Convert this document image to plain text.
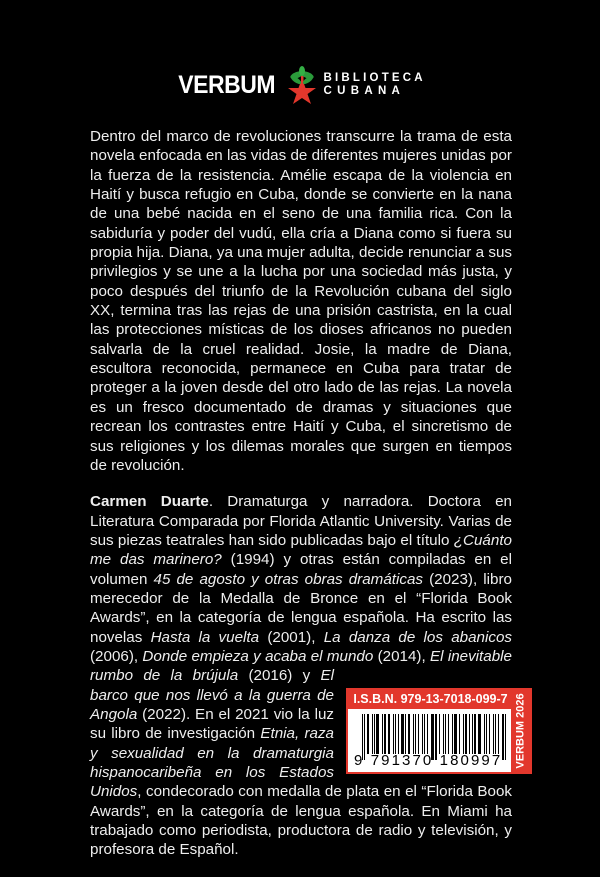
VERBUM	BIBLIOTECA
CUBANA

Dentro del marco de revoluciones transcurre la trama de esta novela enfocada en las vidas de diferentes mujeres unidas por la fuerza de la resistencia. Amélie escapa de la violencia en Haití y busca refugio en Cuba, donde se convierte en la nana de una bebé nacida en el seno de una familia rica. Con la sabiduría y poder del vudú, ella cría a Diana como si fuera su propia hija. Diana, ya una mujer adulta, decide renunciar a sus privilegios y se une a la lucha por una sociedad más justa, y poco después del triunfo de la Revolución cubana del siglo XX, termina tras las rejas de una prisión castrista, en la cual las protecciones místicas de los dioses africanos no pueden salvarla de la cruel realidad. Josie, la madre de Diana, escultora reconocida, permanece en Cuba para tratar de proteger a la joven desde del otro lado de las rejas. La novela es un fresco documentado de dramas y situaciones que recrean los contrastes entre Haití y Cuba, el sincretismo de sus religiones y los dilemas morales que surgen en tiempos de revolución.

I.S.B.N. 979-13-7018-099-7
9 791370 180997 VERBUM 2026
Carmen Duarte. Dramaturga y narradora. Doctora en Literatura Comparada por Florida Atlantic University. Varias de sus piezas teatrales han sido publicadas bajo el título ¿Cuánto me das marinero? (1994) y otras están compiladas en el volumen 45 de agosto y otras obras dramáticas (2023), libro merecedor de la Medalla de Bronce en el “Florida Book Awards”, en la categoría de lengua española. Ha escrito las novelas Hasta la vuelta (2001), La danza de los abanicos (2006), Donde empieza y acaba el mundo (2014), El inevitable rumbo de la brújula (2016) y El barco que nos llevó a la guerra de Angola (2022). En el 2021 vio la luz su libro de investigación Etnia, raza y sexualidad en la dramaturgia hispanocaribeña en los Estados Unidos, condecorado con medalla de plata en el “Florida Book Awards”, en la categoría de lengua española. En Miami ha trabajado como periodista, productora de radio y televisión, y profesora de Español.
